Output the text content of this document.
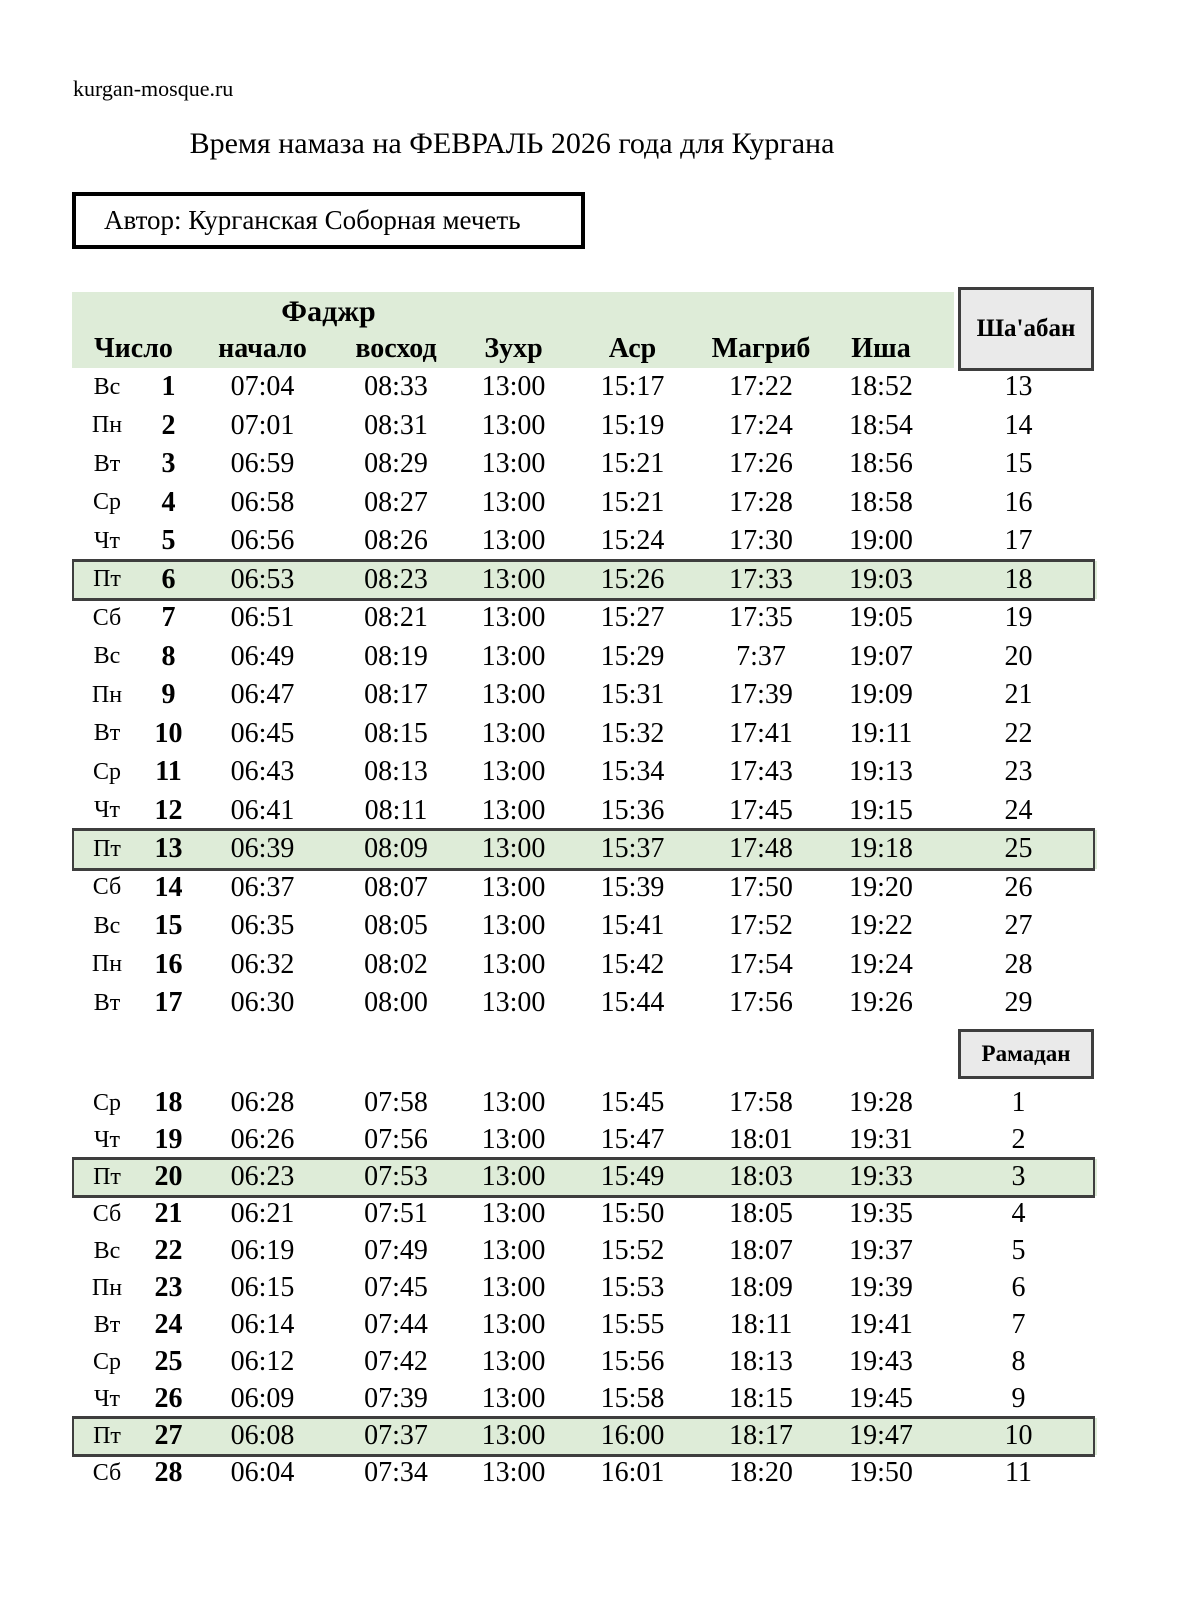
kurgan-mosque.ru
Время намаза на ФЕВРАЛЬ 2026 года для Кургана
Автор: Курганская Соборная мечеть
Фаджр
Число	начало	восход	Зухр	Аср	Магриб	Иша
Ша'абан
Вс	1	07:04	08:33	13:00	15:17	17:22	18:52	13
Пн	2	07:01	08:31	13:00	15:19	17:24	18:54	14
Вт	3	06:59	08:29	13:00	15:21	17:26	18:56	15
Ср	4	06:58	08:27	13:00	15:21	17:28	18:58	16
Чт	5	06:56	08:26	13:00	15:24	17:30	19:00	17
Пт	6	06:53	08:23	13:00	15:26	17:33	19:03	18
Сб	7	06:51	08:21	13:00	15:27	17:35	19:05	19
Вс	8	06:49	08:19	13:00	15:29	7:37	19:07	20
Пн	9	06:47	08:17	13:00	15:31	17:39	19:09	21
Вт	10	06:45	08:15	13:00	15:32	17:41	19:11	22
Ср	11	06:43	08:13	13:00	15:34	17:43	19:13	23
Чт	12	06:41	08:11	13:00	15:36	17:45	19:15	24
Пт	13	06:39	08:09	13:00	15:37	17:48	19:18	25
Сб	14	06:37	08:07	13:00	15:39	17:50	19:20	26
Вс	15	06:35	08:05	13:00	15:41	17:52	19:22	27
Пн	16	06:32	08:02	13:00	15:42	17:54	19:24	28
Вт	17	06:30	08:00	13:00	15:44	17:56	19:26	29
Рамадан
Ср	18	06:28	07:58	13:00	15:45	17:58	19:28	1
Чт	19	06:26	07:56	13:00	15:47	18:01	19:31	2
Пт	20	06:23	07:53	13:00	15:49	18:03	19:33	3
Сб	21	06:21	07:51	13:00	15:50	18:05	19:35	4
Вс	22	06:19	07:49	13:00	15:52	18:07	19:37	5
Пн	23	06:15	07:45	13:00	15:53	18:09	19:39	6
Вт	24	06:14	07:44	13:00	15:55	18:11	19:41	7
Ср	25	06:12	07:42	13:00	15:56	18:13	19:43	8
Чт	26	06:09	07:39	13:00	15:58	18:15	19:45	9
Пт	27	06:08	07:37	13:00	16:00	18:17	19:47	10
Сб	28	06:04	07:34	13:00	16:01	18:20	19:50	11
